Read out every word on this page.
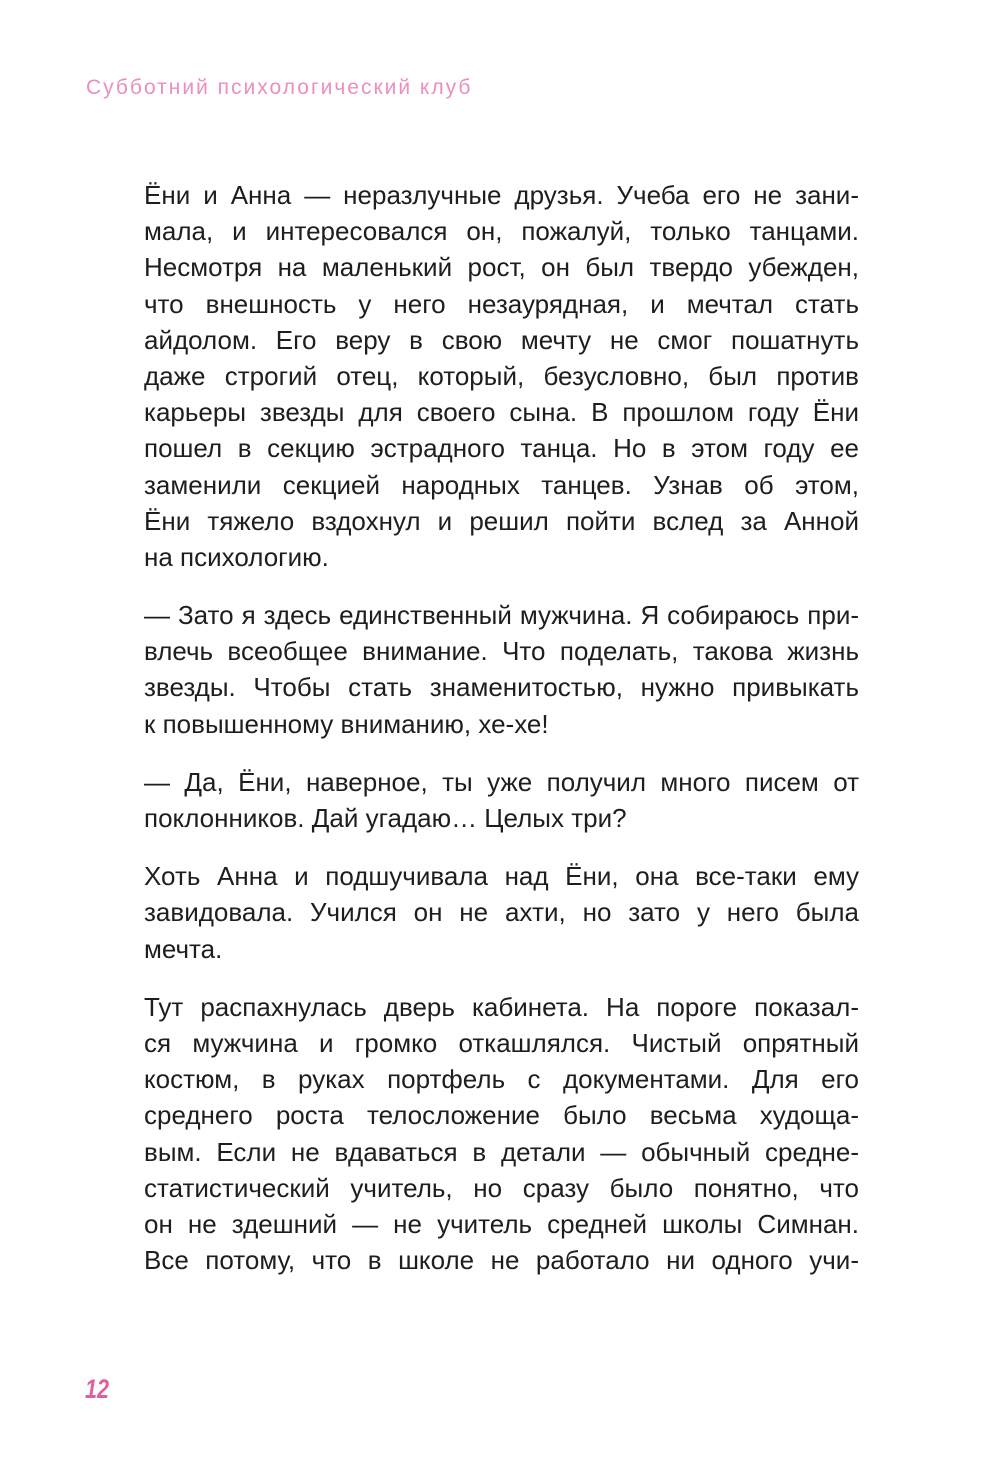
Субботний психологический клуб
Ёни и Анна — неразлучные друзья. Учеба его не зани-
мала, и интересовался он, пожалуй, только танцами.
Несмотря на маленький рост, он был твердо убежден,
что внешность у него незаурядная, и мечтал стать
айдолом. Его веру в свою мечту не смог пошатнуть
даже строгий отец, который, безусловно, был против
карьеры звезды для своего сына. В прошлом году Ёни
пошел в секцию эстрадного танца. Но в этом году ее
заменили секцией народных танцев. Узнав об этом,
Ёни тяжело вздохнул и решил пойти вслед за Анной
на психологию.
— Зато я здесь единственный мужчина. Я собираюсь при-
влечь всеобщее внимание. Что поделать, такова жизнь
звезды. Чтобы стать знаменитостью, нужно привыкать
к повышенному вниманию, хе-хе!
— Да, Ёни, наверное, ты уже получил много писем от
поклонников. Дай угадаю… Целых три?
Хоть Анна и подшучивала над Ёни, она все-таки ему
завидовала. Учился он не ахти, но зато у него была
мечта.
Тут распахнулась дверь кабинета. На пороге показал-
ся мужчина и громко откашлялся. Чистый опрятный
костюм, в руках портфель с документами. Для его
среднего роста телосложение было весьма худоща-
вым. Если не вдаваться в детали — обычный средне-
статистический учитель, но сразу было понятно, что
он не здешний — не учитель средней школы Симнан.
Все потому, что в школе не работало ни одного учи-
12
